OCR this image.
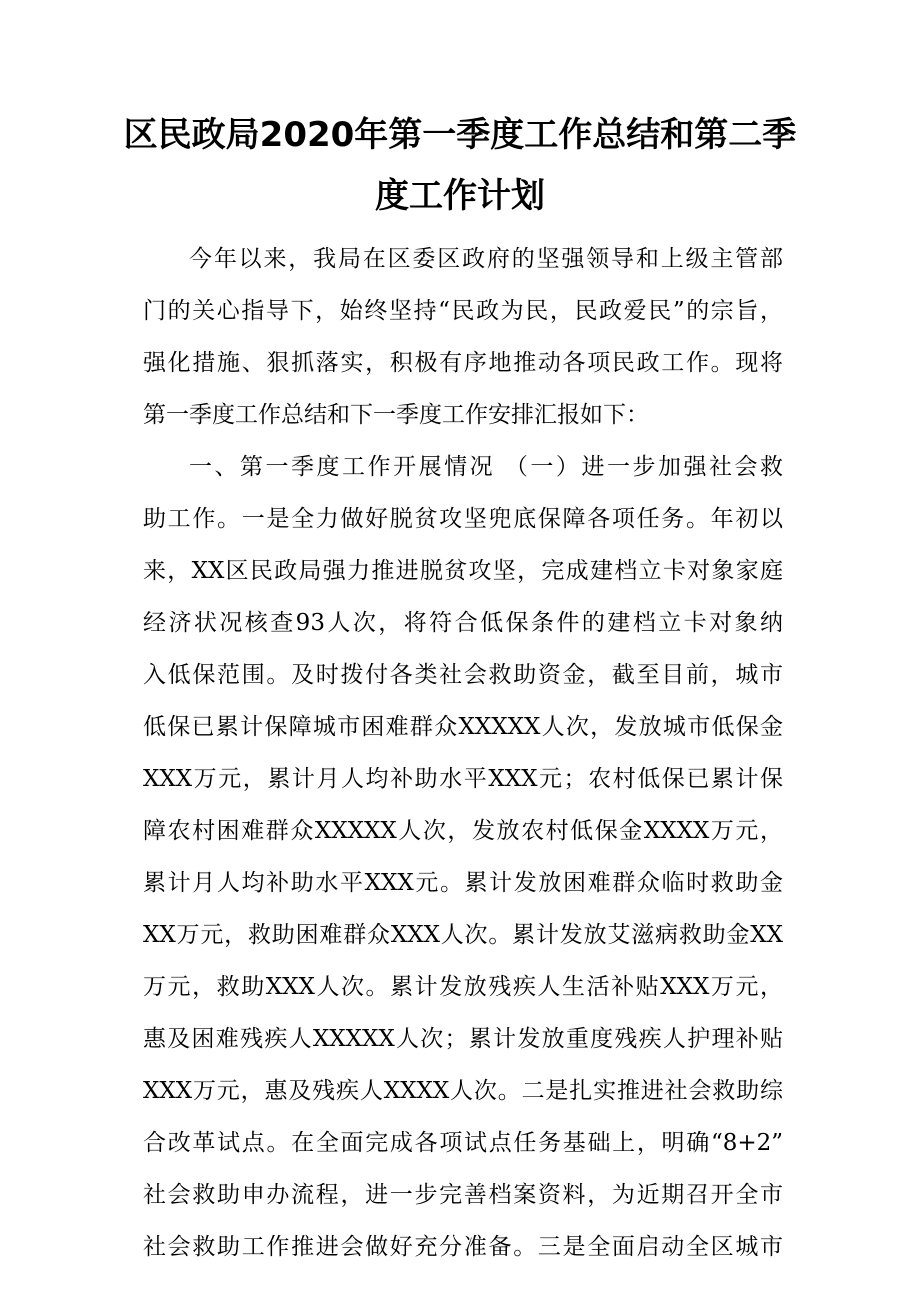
区民政局2020年第一季度工作总结和第二季
度工作计划
今年以来，我局在区委区政府的坚强领导和上级主管部
门的关心指导下，始终坚持“民政为民，民政爱民”的宗旨，
强化措施、狠抓落实，积极有序地推动各项民政工作。现将
第一季度工作总结和下一季度工作安排汇报如下：
一、第一季度工作开展情况 （一）进一步加强社会救
助工作。一是全力做好脱贫攻坚兜底保障各项任务。年初以
来，XX区民政局强力推进脱贫攻坚，完成建档立卡对象家庭
经济状况核查93人次，将符合低保条件的建档立卡对象纳
入低保范围。及时拨付各类社会救助资金，截至目前，城市
低保已累计保障城市困难群众XXXXX人次，发放城市低保金
XXX万元，累计月人均补助水平XXX元；农村低保已累计保
障农村困难群众XXXXX人次，发放农村低保金XXXX万元，
累计月人均补助水平XXX元。累计发放困难群众临时救助金
XX万元，救助困难群众XXX人次。累计发放艾滋病救助金XX
万元，救助XXX人次。累计发放残疾人生活补贴XXX万元，
惠及困难残疾人XXXXX人次；累计发放重度残疾人护理补贴
XXX万元，惠及残疾人XXXX人次。二是扎实推进社会救助综
合改革试点。在全面完成各项试点任务基础上，明确“8+2”
社会救助申办流程，进一步完善档案资料，为近期召开全市
社会救助工作推进会做好充分准备。三是全面启动全区城市
